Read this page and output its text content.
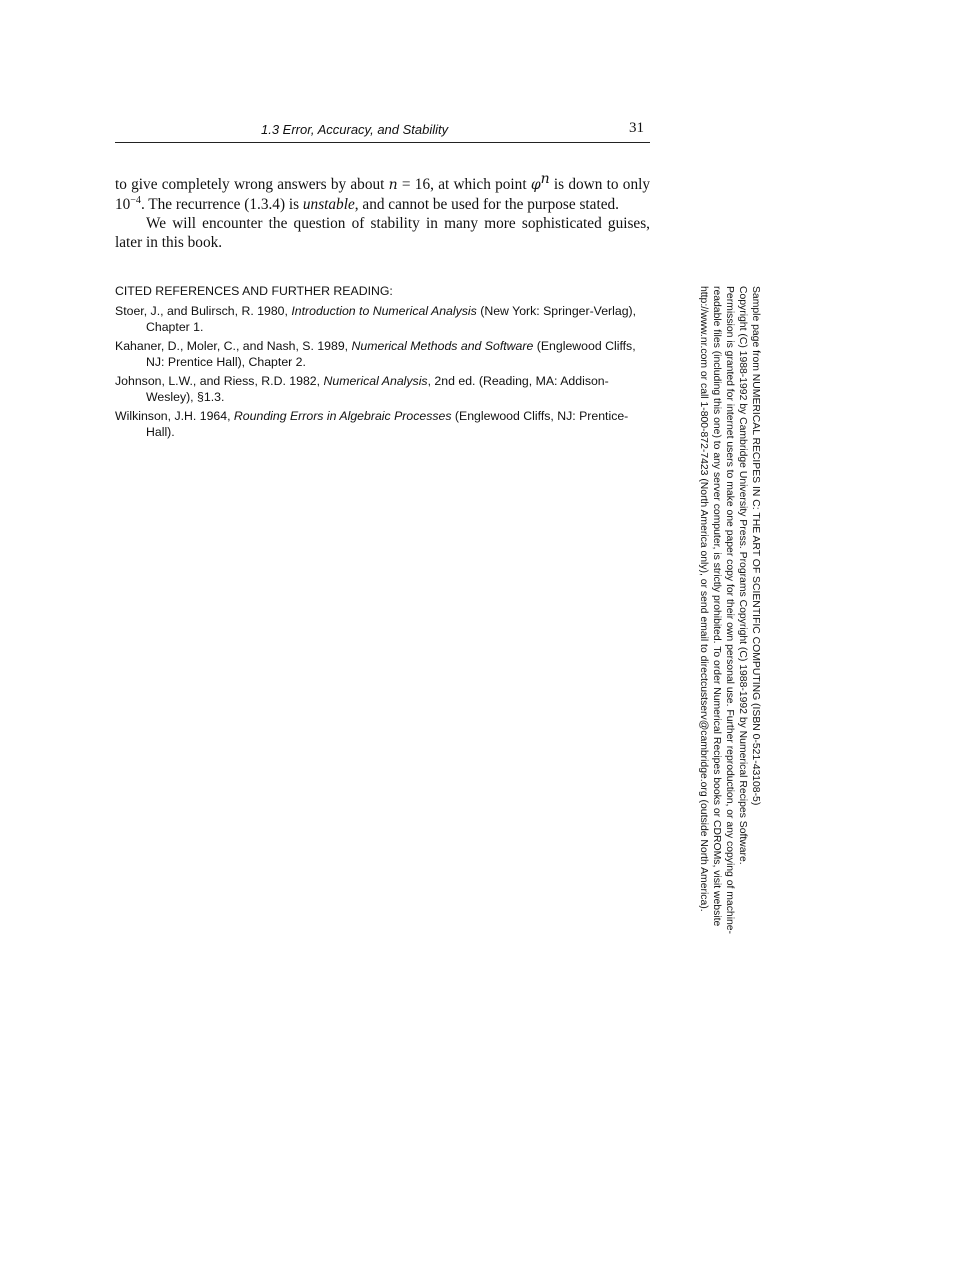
1.3 Error, Accuracy, and Stability	31

to give completely wrong answers by about n = 16, at which point $\varphi^n$ is down to only $10^{-4}$. The recurrence (1.3.4) is unstable, and cannot be used for the purpose stated.

We will encounter the question of stability in many more sophisticated guises, later in this book.

CITED REFERENCES AND FURTHER READING:

Stoer, J., and Bulirsch, R. 1980, Introduction to Numerical Analysis (New York: Springer-Verlag), Chapter 1.

Kahaner, D., Moler, C., and Nash, S. 1989, Numerical Methods and Software (Englewood Cliffs, NJ: Prentice Hall), Chapter 2.

Johnson, L.W., and Riess, R.D. 1982, Numerical Analysis, 2nd ed. (Reading, MA: Addison-Wesley), §1.3.

Wilkinson, J.H. 1964, Rounding Errors in Algebraic Processes (Englewood Cliffs, NJ: Prentice-Hall).	Sample page from NUMERICAL RECIPES IN C: THE ART OF SCIENTIFIC COMPUTING (ISBN 0-521-43108-5)
Copyright (C) 1988-1992 by Cambridge University Press. Programs Copyright (C) 1988-1992 by Numerical Recipes Software.
Permission is granted for internet users to make one paper copy for their own personal use. Further reproduction, or any copying of machine-
readable files (including this one) to any server computer, is strictly prohibited. To order Numerical Recipes books or CDROMs, visit website
http://www.nr.com or call 1-800-872-7423 (North America only), or send email to directcustserv@cambridge.org (outside North America).
